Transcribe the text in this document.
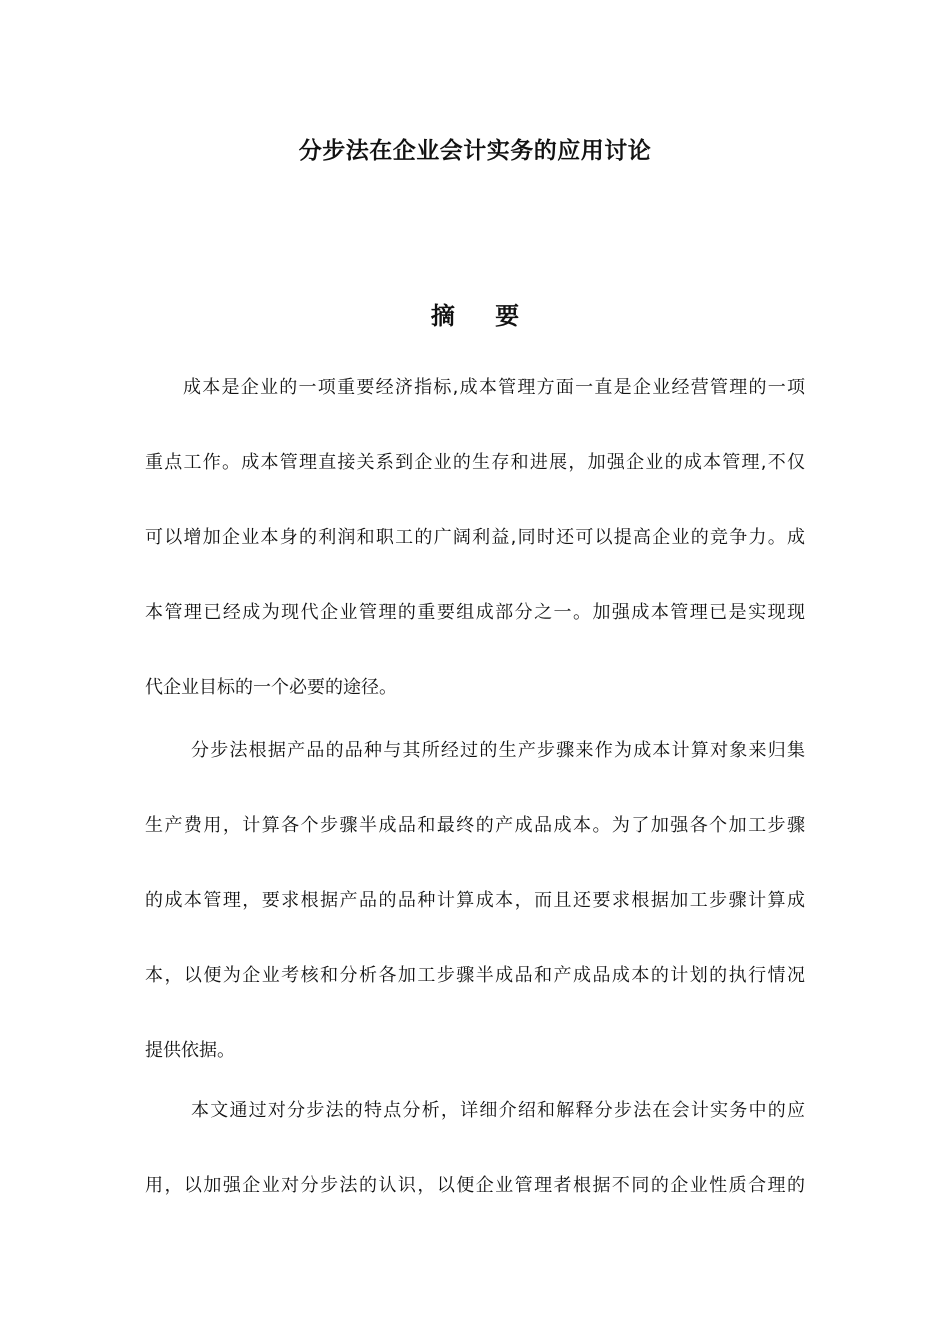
分步法在企业会计实务的应用讨论
摘 要
成本是企业的一项重要经济指标,成本管理方面一直是企业经营管理的一项
重点工作。成本管理直接关系到企业的生存和进展，加强企业的成本管理,不仅
可以增加企业本身的利润和职工的广阔利益,同时还可以提高企业的竞争力。成
本管理已经成为现代企业管理的重要组成部分之一。加强成本管理已是实现现
代企业目标的一个必要的途径。
分步法根据产品的品种与其所经过的生产步骤来作为成本计算对象来归集
生产费用，计算各个步骤半成品和最终的产成品成本。为了加强各个加工步骤
的成本管理，要求根据产品的品种计算成本，而且还要求根据加工步骤计算成
本，以便为企业考核和分析各加工步骤半成品和产成品成本的计划的执行情况
提供依据。
本文通过对分步法的特点分析，详细介绍和解释分步法在会计实务中的应
用，以加强企业对分步法的认识，以便企业管理者根据不同的企业性质合理的
